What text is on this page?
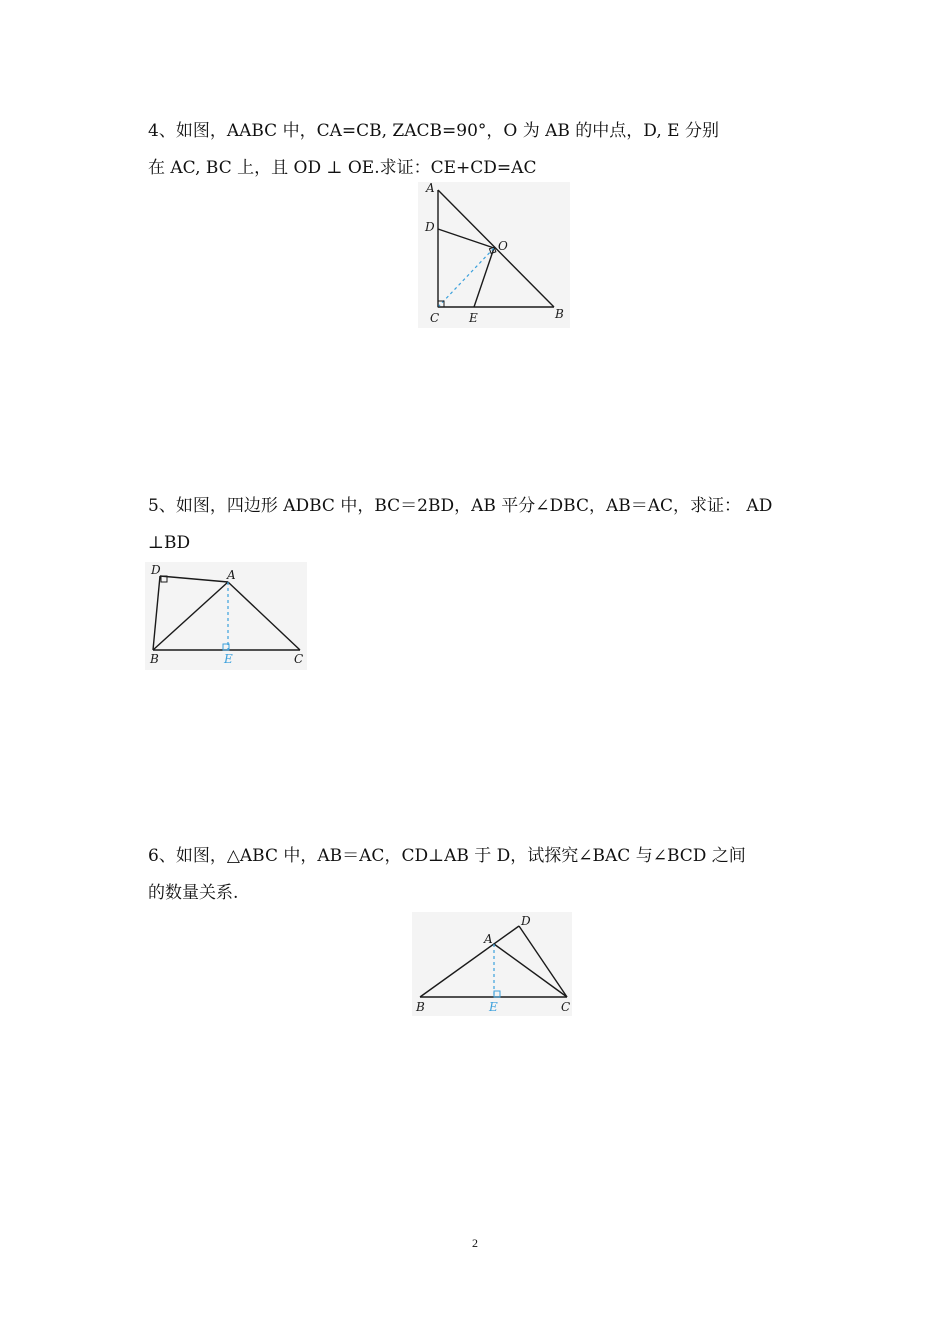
4、如图，AABC 中，CA=CB, ZACB=90°，O 为 AB 的中点，D, E 分别
在 AC, BC 上，且 OD ⊥ OE.求证：CE+CD=AC
A
D
O
C E	B
5、如图，四边形 ADBC 中，BC＝2BD，AB 平分∠DBC，AB＝AC，求证： AD
⊥BD
D	A
B	E	C
6、如图，△ABC 中，AB＝AC，CD⊥AB 于 D，试探究∠BAC 与∠BCD 之间
的数量关系.
A
D
B	E	C
2
